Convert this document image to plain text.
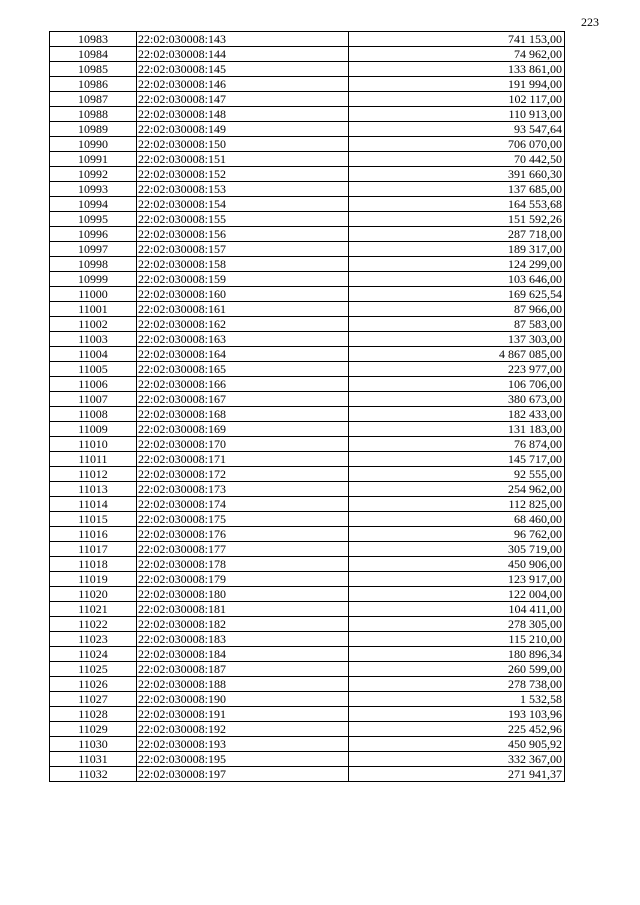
223
10983	22:02:030008:143	741 153,00
10984	22:02:030008:144	74 962,00
10985	22:02:030008:145	133 861,00
10986	22:02:030008:146	191 994,00
10987	22:02:030008:147	102 117,00
10988	22:02:030008:148	110 913,00
10989	22:02:030008:149	93 547,64
10990	22:02:030008:150	706 070,00
10991	22:02:030008:151	70 442,50
10992	22:02:030008:152	391 660,30
10993	22:02:030008:153	137 685,00
10994	22:02:030008:154	164 553,68
10995	22:02:030008:155	151 592,26
10996	22:02:030008:156	287 718,00
10997	22:02:030008:157	189 317,00
10998	22:02:030008:158	124 299,00
10999	22:02:030008:159	103 646,00
11000	22:02:030008:160	169 625,54
11001	22:02:030008:161	87 966,00
11002	22:02:030008:162	87 583,00
11003	22:02:030008:163	137 303,00
11004	22:02:030008:164	4 867 085,00
11005	22:02:030008:165	223 977,00
11006	22:02:030008:166	106 706,00
11007	22:02:030008:167	380 673,00
11008	22:02:030008:168	182 433,00
11009	22:02:030008:169	131 183,00
11010	22:02:030008:170	76 874,00
11011	22:02:030008:171	145 717,00
11012	22:02:030008:172	92 555,00
11013	22:02:030008:173	254 962,00
11014	22:02:030008:174	112 825,00
11015	22:02:030008:175	68 460,00
11016	22:02:030008:176	96 762,00
11017	22:02:030008:177	305 719,00
11018	22:02:030008:178	450 906,00
11019	22:02:030008:179	123 917,00
11020	22:02:030008:180	122 004,00
11021	22:02:030008:181	104 411,00
11022	22:02:030008:182	278 305,00
11023	22:02:030008:183	115 210,00
11024	22:02:030008:184	180 896,34
11025	22:02:030008:187	260 599,00
11026	22:02:030008:188	278 738,00
11027	22:02:030008:190	1 532,58
11028	22:02:030008:191	193 103,96
11029	22:02:030008:192	225 452,96
11030	22:02:030008:193	450 905,92
11031	22:02:030008:195	332 367,00
11032	22:02:030008:197	271 941,37
